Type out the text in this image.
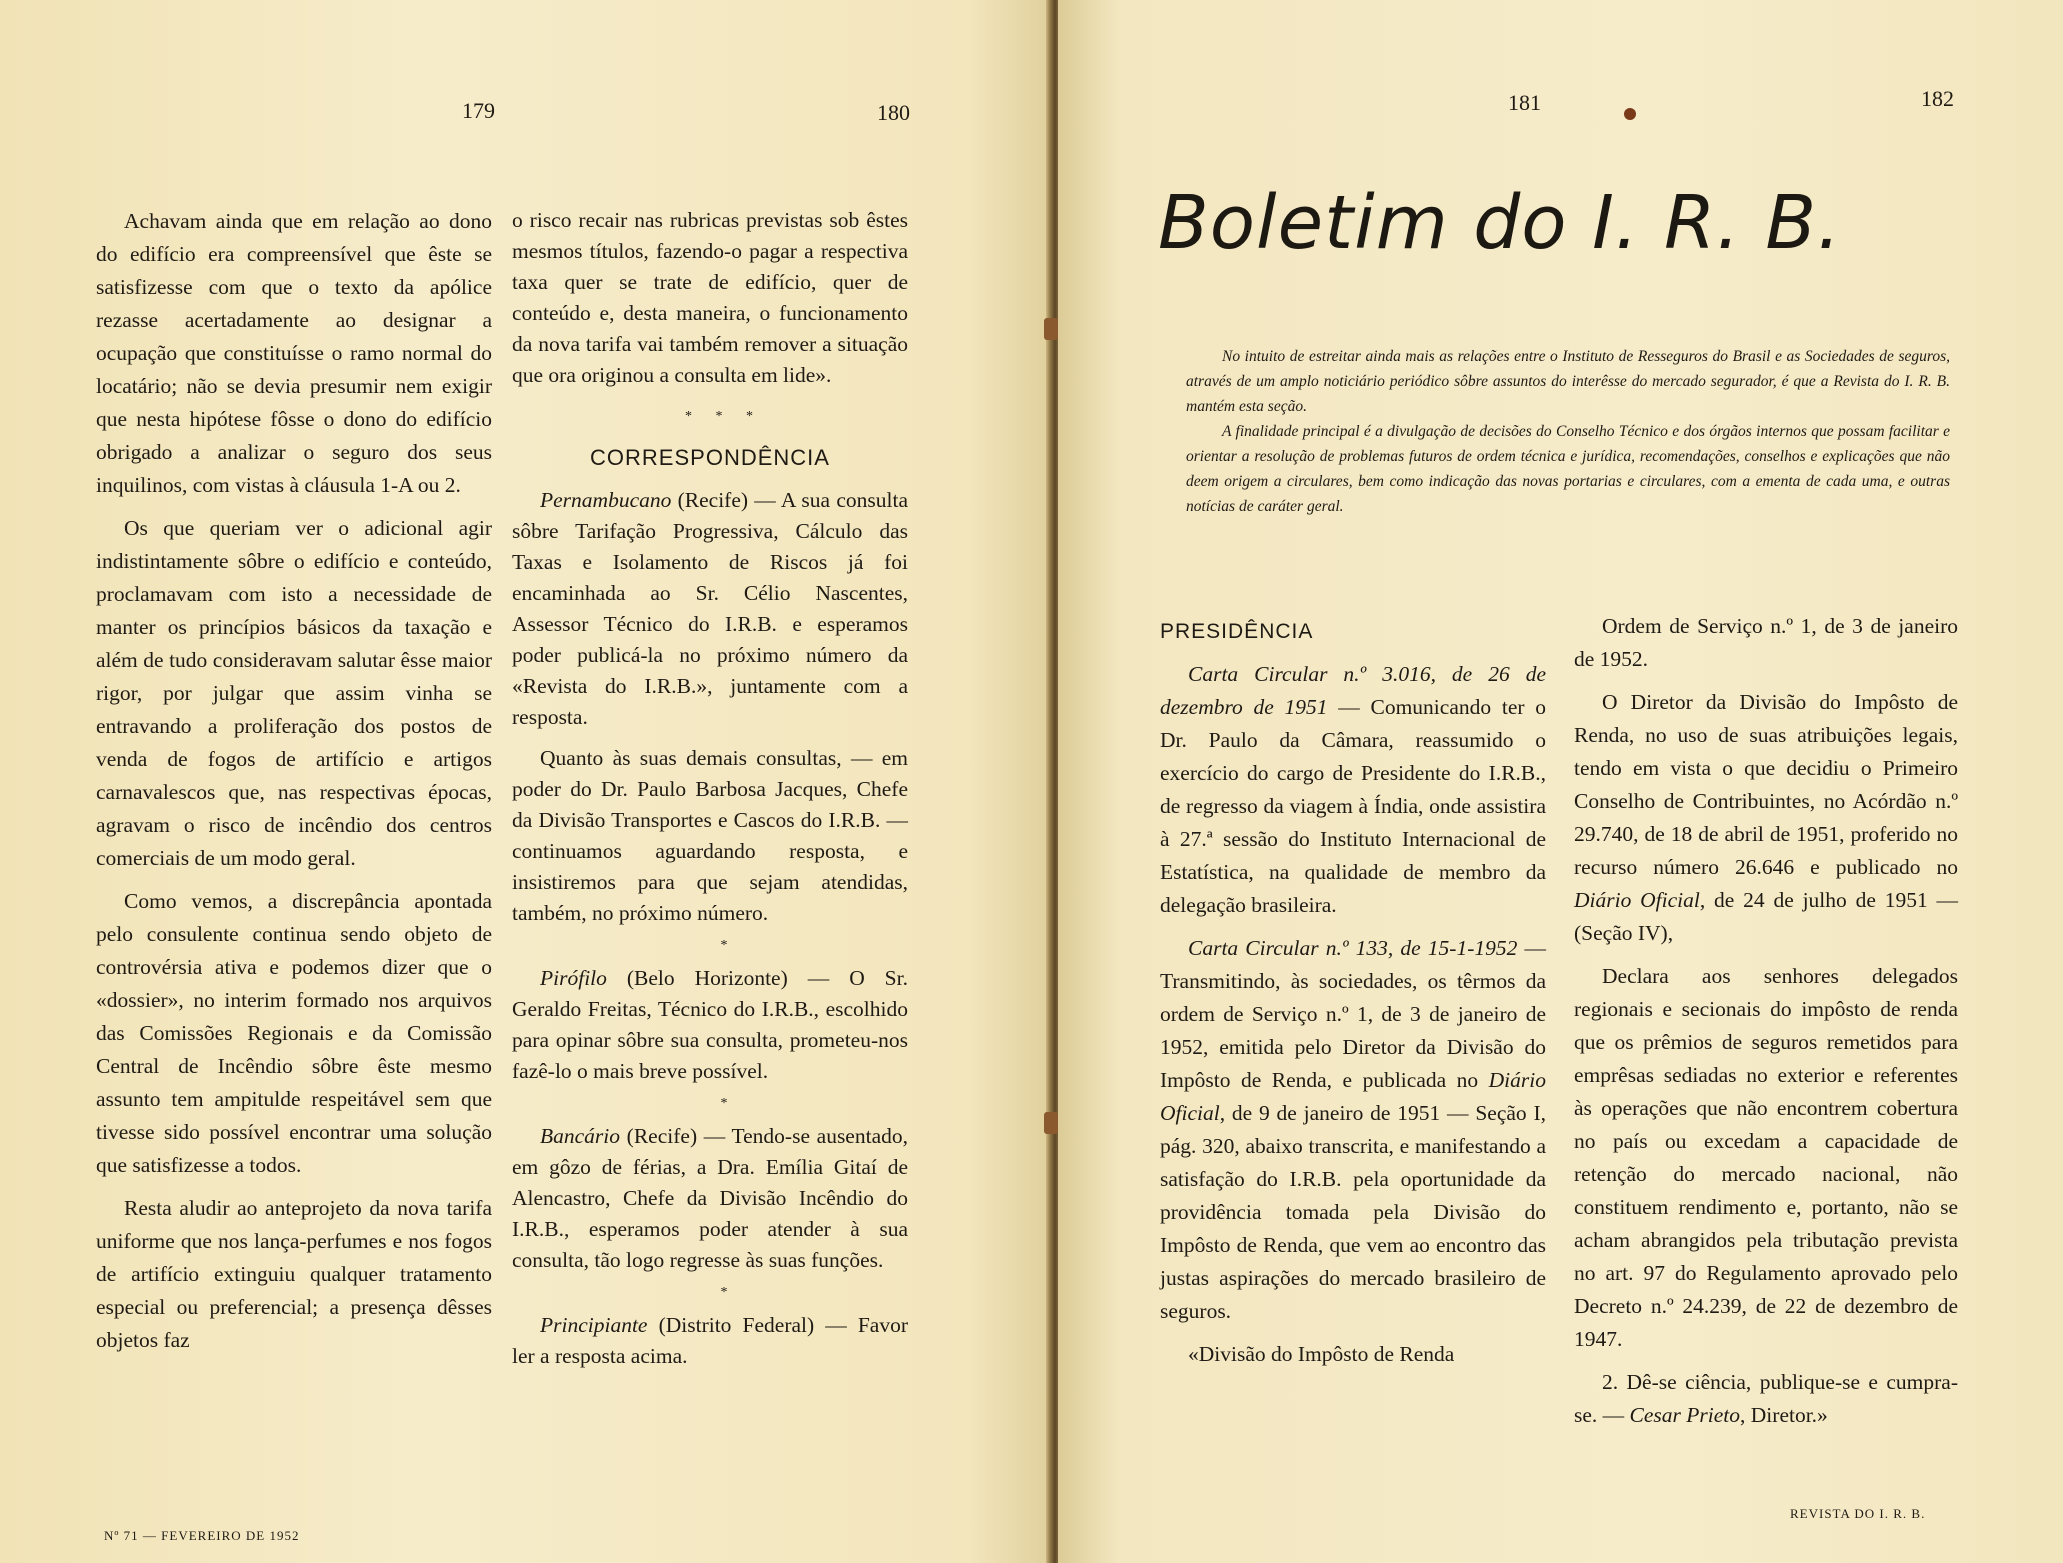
179	180

Achavam ainda que em relação ao dono do edifício era compreensível que êste se satisfizesse com que o texto da apólice rezasse acertadamente ao designar a ocupação que constituísse o ramo normal do locatário; não se devia presumir nem exigir que nesta hipótese fôsse o dono do edifício obrigado a analizar o seguro dos seus inquilinos, com vistas à cláusula 1-A ou 2.

Os que queriam ver o adicional agir indistintamente sôbre o edifício e conteúdo, proclamavam com isto a necessidade de manter os princípios básicos da taxação e além de tudo consideravam salutar êsse maior rigor, por julgar que assim vinha se entravando a proliferação dos postos de venda de fogos de artifício e artigos carnavalescos que, nas respectivas épocas, agravam o risco de incêndio dos centros comerciais de um modo geral.

Como vemos, a discrepância apontada pelo consulente continua sendo objeto de controvérsia ativa e podemos dizer que o «dossier», no interim formado nos arquivos das Comissões Regionais e da Comissão Central de Incêndio sôbre êste mesmo assunto tem ampitulde respeitável sem que tivesse sido possível encontrar uma solução que satisfizesse a todos.

Resta aludir ao anteprojeto da nova tarifa uniforme que nos lança-perfumes e nos fogos de artifício extinguiu qualquer tratamento especial ou preferencial; a presença dêsses objetos faz

o risco recair nas rubricas previstas sob êstes mesmos títulos, fazendo-o pagar a respectiva taxa quer se trate de edifício, quer de conteúdo e, desta maneira, o funcionamento da nova tarifa vai também remover a situação que ora originou a consulta em lide».

* * *

CORRESPONDÊNCIA

Pernambucano (Recife) — A sua consulta sôbre Tarifação Progressiva, Cálculo das Taxas e Isolamento de Riscos já foi encaminhada ao Sr. Célio Nascentes, Assessor Técnico do I.R.B. e esperamos poder publicá-la no próximo número da «Revista do I.R.B.», juntamente com a resposta.

Quanto às suas demais consultas, — em poder do Dr. Paulo Barbosa Jacques, Chefe da Divisão Transportes e Cascos do I.R.B. — continuamos aguardando resposta, e insistiremos para que sejam atendidas, também, no próximo número.

*

Pirófilo (Belo Horizonte) — O Sr. Geraldo Freitas, Técnico do I.R.B., escolhido para opinar sôbre sua consulta, prometeu-nos fazê-lo o mais breve possível.

*

Bancário (Recife) — Tendo-se ausentado, em gôzo de férias, a Dra. Emília Gitaí de Alencastro, Chefe da Divisão Incêndio do I.R.B., esperamos poder atender à sua consulta, tão logo regresse às suas funções.

*

Principiante (Distrito Federal) — Favor ler a resposta acima.

Nº 71 — FEVEREIRO DE 1952
181	182
Boletim do I. R. B.

No intuito de estreitar ainda mais as relações entre o Instituto de Resseguros do Brasil e as Sociedades de seguros, através de um amplo noticiário periódico sôbre assuntos do interêsse do mercado segurador, é que a Revista do I. R. B. mantém esta seção.

A finalidade principal é a divulgação de decisões do Conselho Técnico e dos órgãos internos que possam facilitar e orientar a resolução de problemas futuros de ordem técnica e jurídica, recomendações, conselhos e explicações que não deem origem a circulares, bem como indicação das novas portarias e circulares, com a ementa de cada uma, e outras notícias de caráter geral.

PRESIDÊNCIA

Carta Circular n.º 3.016, de 26 de dezembro de 1951 — Comunicando ter o Dr. Paulo da Câmara, reassumido o exercício do cargo de Presidente do I.R.B., de regresso da viagem à Índia, onde assistira à 27.ª sessão do Instituto Internacional de Estatística, na qualidade de membro da delegação brasileira.

Carta Circular n.º 133, de 15-1-1952 — Transmitindo, às sociedades, os têrmos da ordem de Serviço n.º 1, de 3 de janeiro de 1952, emitida pelo Diretor da Divisão do Impôsto de Renda, e publicada no Diário Oficial, de 9 de janeiro de 1951 — Seção I, pág. 320, abaixo transcrita, e manifestando a satisfação do I.R.B. pela oportunidade da providência tomada pela Divisão do Impôsto de Renda, que vem ao encontro das justas aspirações do mercado brasileiro de seguros.

«Divisão do Impôsto de Renda

Ordem de Serviço n.º 1, de 3 de janeiro de 1952.

O Diretor da Divisão do Impôsto de Renda, no uso de suas atribuições legais, tendo em vista o que decidiu o Primeiro Conselho de Contribuintes, no Acórdão n.º 29.740, de 18 de abril de 1951, proferido no recurso número 26.646 e publicado no Diário Oficial, de 24 de julho de 1951 — (Seção IV),

Declara aos senhores delegados regionais e secionais do impôsto de renda que os prêmios de seguros remetidos para emprêsas sediadas no exterior e referentes às operações que não encontrem cobertura no país ou excedam a capacidade de retenção do mercado nacional, não constituem rendimento e, portanto, não se acham abrangidos pela tributação prevista no art. 97 do Regulamento aprovado pelo Decreto n.º 24.239, de 22 de dezembro de 1947.

2. Dê-se ciência, publique-se e cumpra-se. — Cesar Prieto, Diretor.»

REVISTA DO I. R. B.
